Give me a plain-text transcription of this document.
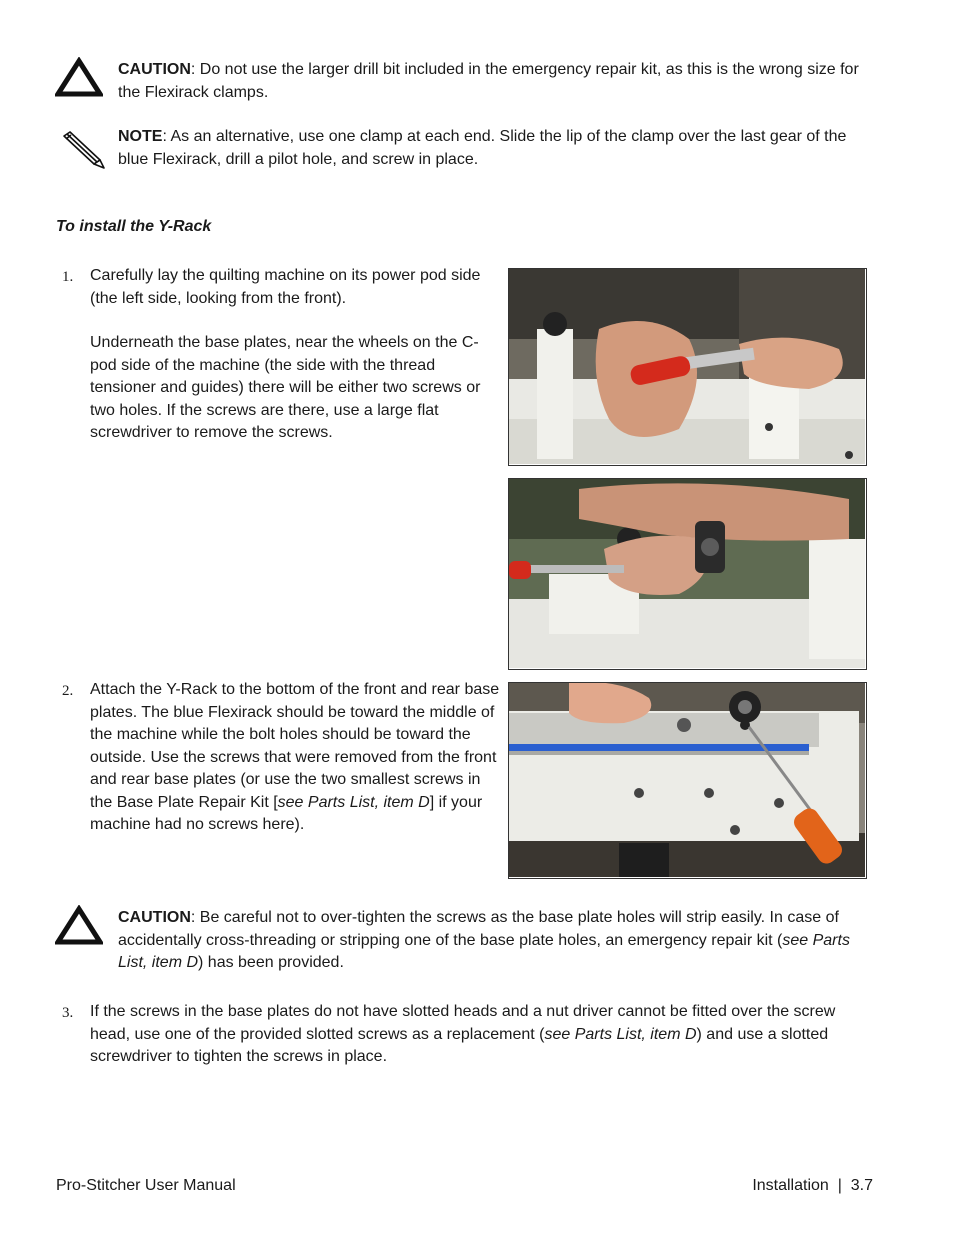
CAUTION: Do not use the larger drill bit included in the emergency repair kit, as this is the wrong size for the Flexirack clamps.
NOTE: As an alternative, use one clamp at each end. Slide the lip of the clamp over the last gear of the blue Flexirack, drill a pilot hole, and screw in place.
To install the Y-Rack
1. Carefully lay the quilting machine on its power pod side (the left side, looking from the front).
Underneath the base plates, near the wheels on the C-pod side of the machine (the side with the thread tensioner and guides) there will be either two screws or two holes. If the screws are there, use a large flat screwdriver to remove the screws.
2. Attach the Y-Rack to the bottom of the front and rear base plates. The blue Flexirack should be toward the middle of the machine while the bolt holes should be toward the outside. Use the screws that were removed from the front and rear base plates (or use the two smallest screws in the Base Plate Repair Kit [see Parts List, item D] if your machine had no screws here).
CAUTION: Be careful not to over-tighten the screws as the base plate holes will strip easily. In case of accidentally cross-threading or stripping one of the base plate holes, an emergency repair kit (see Parts List, item D) has been provided.
3. If the screws in the base plates do not have slotted heads and a nut driver cannot be fitted over the screw head, use one of the provided slotted screws as a replacement (see Parts List, item D) and use a slotted screwdriver to tighten the screws in place.
Pro-Stitcher User Manual	Installation | 3.7
